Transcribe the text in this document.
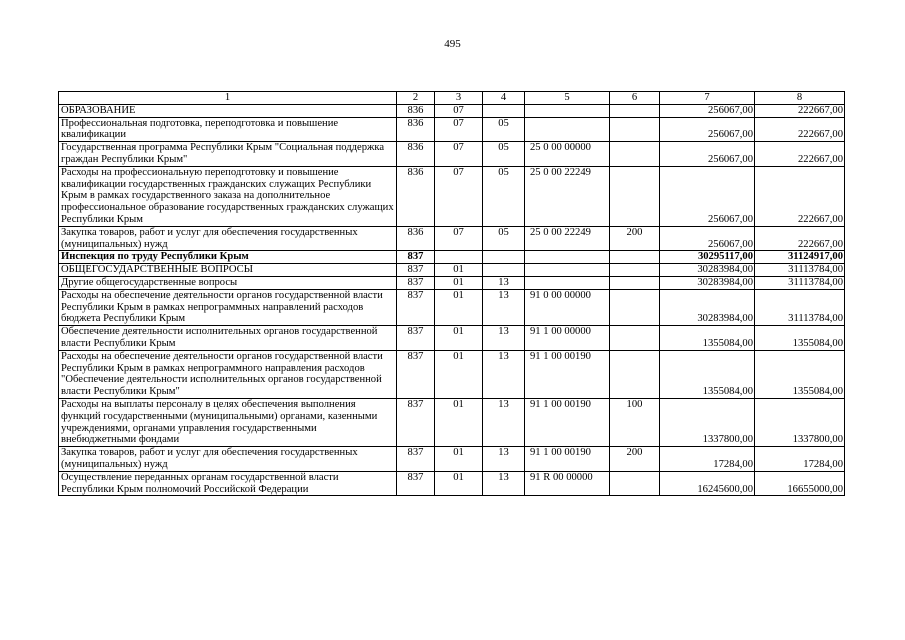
495
1	2	3	4	5	6	7	8
ОБРАЗОВАНИЕ	836	07				256067,00	222667,00
Профессиональная подготовка, переподготовка и повышение квалификации	836	07	05			256067,00	222667,00
Государственная программа Республики Крым "Социальная поддержка граждан Республики Крым"	836	07	05	25 0 00 00000		256067,00	222667,00
Расходы на профессиональную переподготовку и повышение квалификации государственных гражданских служащих Республики Крым в рамках государственного заказа на дополнительное профессиональное образование государственных гражданских служащих Республики Крым	836	07	05	25 0 00 22249		256067,00	222667,00
Закупка товаров, работ и услуг для обеспечения государственных (муниципальных) нужд	836	07	05	25 0 00 22249	200	256067,00	222667,00
Инспекция по труду Республики Крым	837					30295117,00	31124917,00
ОБЩЕГОСУДАРСТВЕННЫЕ ВОПРОСЫ	837	01				30283984,00	31113784,00
Другие общегосударственные вопросы	837	01	13			30283984,00	31113784,00
Расходы на обеспечение деятельности органов государственной власти Республики Крым в рамках непрограммных направлений расходов бюджета Республики Крым	837	01	13	91 0 00 00000		30283984,00	31113784,00
Обеспечение деятельности исполнительных органов государственной власти Республики Крым	837	01	13	91 1 00 00000		1355084,00	1355084,00
Расходы на обеспечение деятельности органов государственной власти Республики Крым в рамках непрограммного направления расходов "Обеспечение деятельности исполнительных органов государственной власти Республики Крым"	837	01	13	91 1 00 00190		1355084,00	1355084,00
Расходы на выплаты персоналу в целях обеспечения выполнения функций государственными (муниципальными) органами, казенными учреждениями, органами управления государственными внебюджетными фондами	837	01	13	91 1 00 00190	100	1337800,00	1337800,00
Закупка товаров, работ и услуг для обеспечения государственных (муниципальных) нужд	837	01	13	91 1 00 00190	200	17284,00	17284,00
Осуществление переданных органам государственной власти Республики Крым полномочий Российской Федерации	837	01	13	91 R 00 00000		16245600,00	16655000,00
